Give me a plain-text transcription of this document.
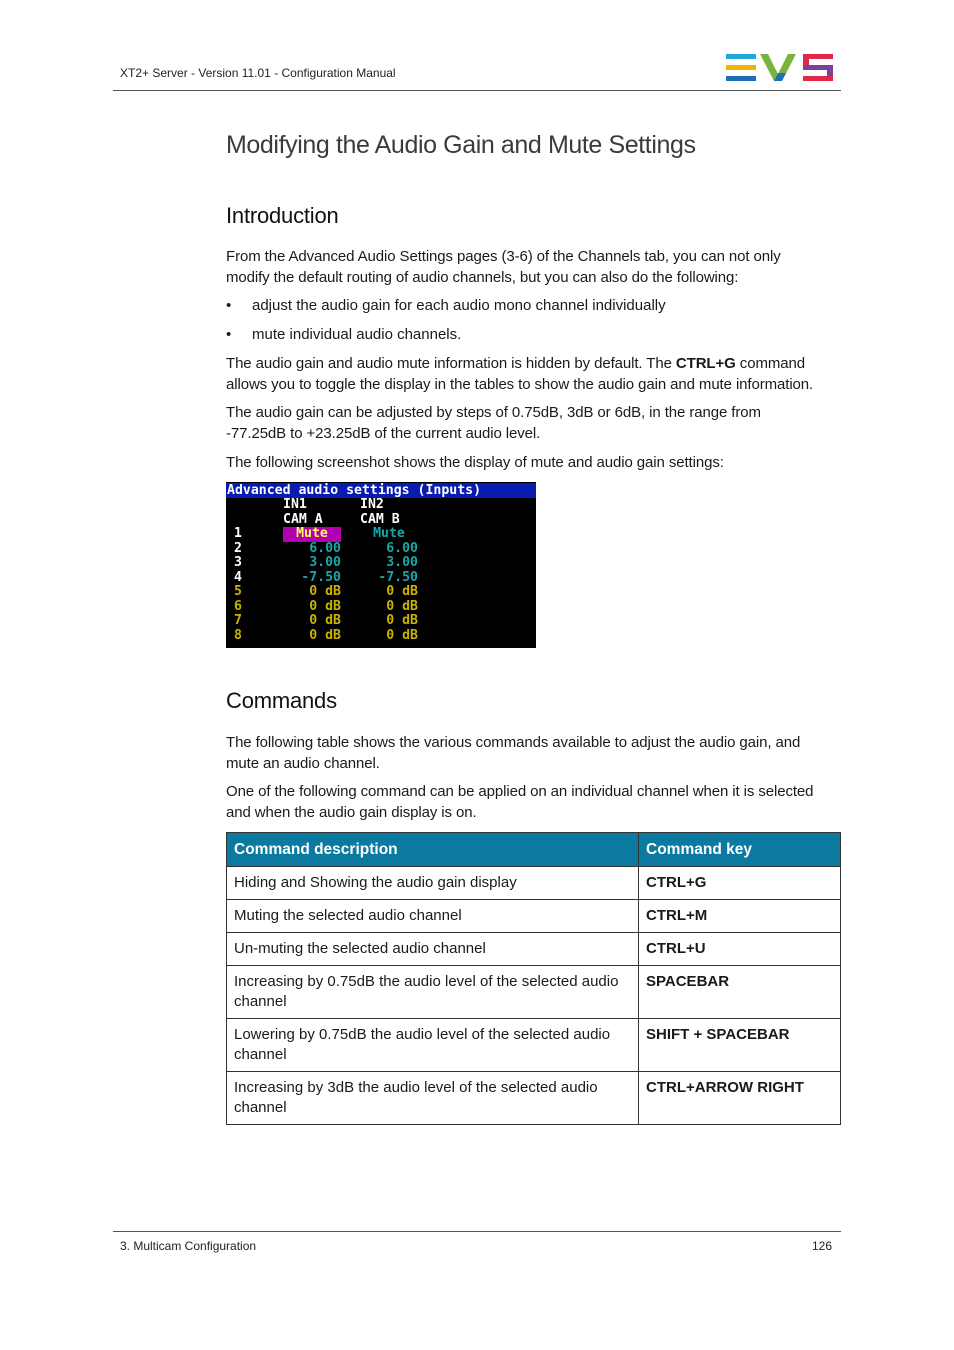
XT2+ Server - Version 11.01 - Configuration Manual
Modifying the Audio Gain and Mute Settings
Introduction

From the Advanced Audio Settings pages (3-6) of the Channels tab, you can not only
modify the default routing of audio channels, but you can also do the following:

• adjust the audio gain for each audio mono channel individually
• mute individual audio channels.

The audio gain and audio mute information is hidden by default. The CTRL+G command
allows you to toggle the display in the tables to show the audio gain and mute information.

The audio gain can be adjusted by steps of 0.75dB, 3dB or 6dB, in the range from
-77.25dB to +23.25dB of the current audio level.

The following screenshot shows the display of mute and audio gain settings:

Advanced audio settings (Inputs)

IN1

	IN2

CAM A

	CAM B

1	Mute	Mute
2	6.00	6.00
3	3.00	3.00
4	-7.50	-7.50
5	0 dB	0 dB
6	0 dB	0 dB
7	0 dB	0 dB
8	0 dB	0 dB
Commands

The following table shows the various commands available to adjust the audio gain, and
mute an audio channel.

One of the following command can be applied on an individual channel when it is selected
and when the audio gain display is on.

Command description	Command key
Hiding and Showing the audio gain display	CTRL+G
Muting the selected audio channel	CTRL+M
Un-muting the selected audio channel	CTRL+U
Increasing by 0.75dB the audio level of the selected audio
channel	SPACEBAR
Lowering by 0.75dB the audio level of the selected audio
channel	SHIFT + SPACEBAR
Increasing by 3dB the audio level of the selected audio
channel	CTRL+ARROW RIGHT
3. Multicam Configuration	126
